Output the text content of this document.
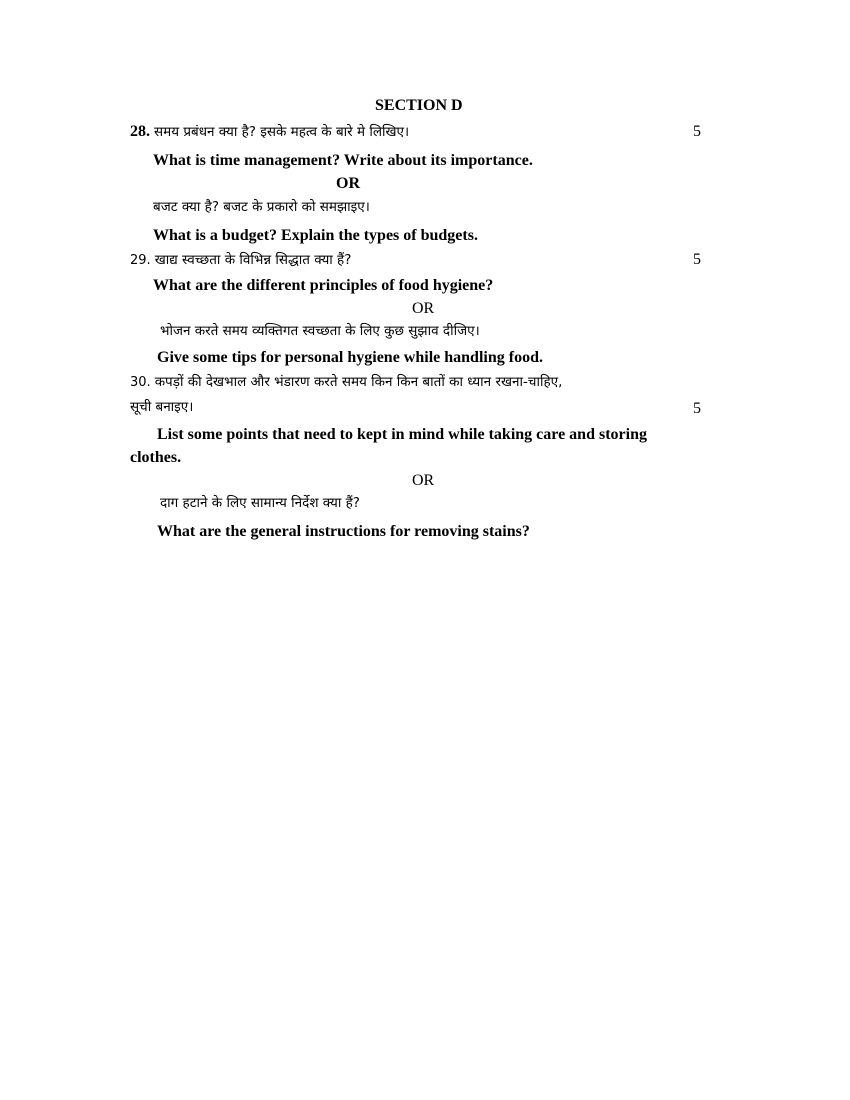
SECTION D
28. समय प्रबंधन क्या है? इसके महत्व के बारे मे लिखिए।	5
What is time management? Write about its importance.
OR
बजट क्या है? बजट के प्रकारो को समझाइए।
What is a budget? Explain the types of budgets.
29. खाद्य स्वच्छता के विभिन्न सिद्धात क्या हैं?	5
What are the different principles of food hygiene?
OR
भोजन करते समय व्यक्तिगत स्वच्छता के लिए कुछ सुझाव दीजिए।
Give some tips for personal hygiene while handling food.
30. कपड़ों की देखभाल और भंडारण करते समय किन किन बातों का ध्यान रखना-चाहिए,
सूची बनाइए।	5
List some points that need to kept in mind while taking care and storing
clothes.
OR
दाग हटाने के लिए सामान्य निर्देश क्या हैं?
What are the general instructions for removing stains?
